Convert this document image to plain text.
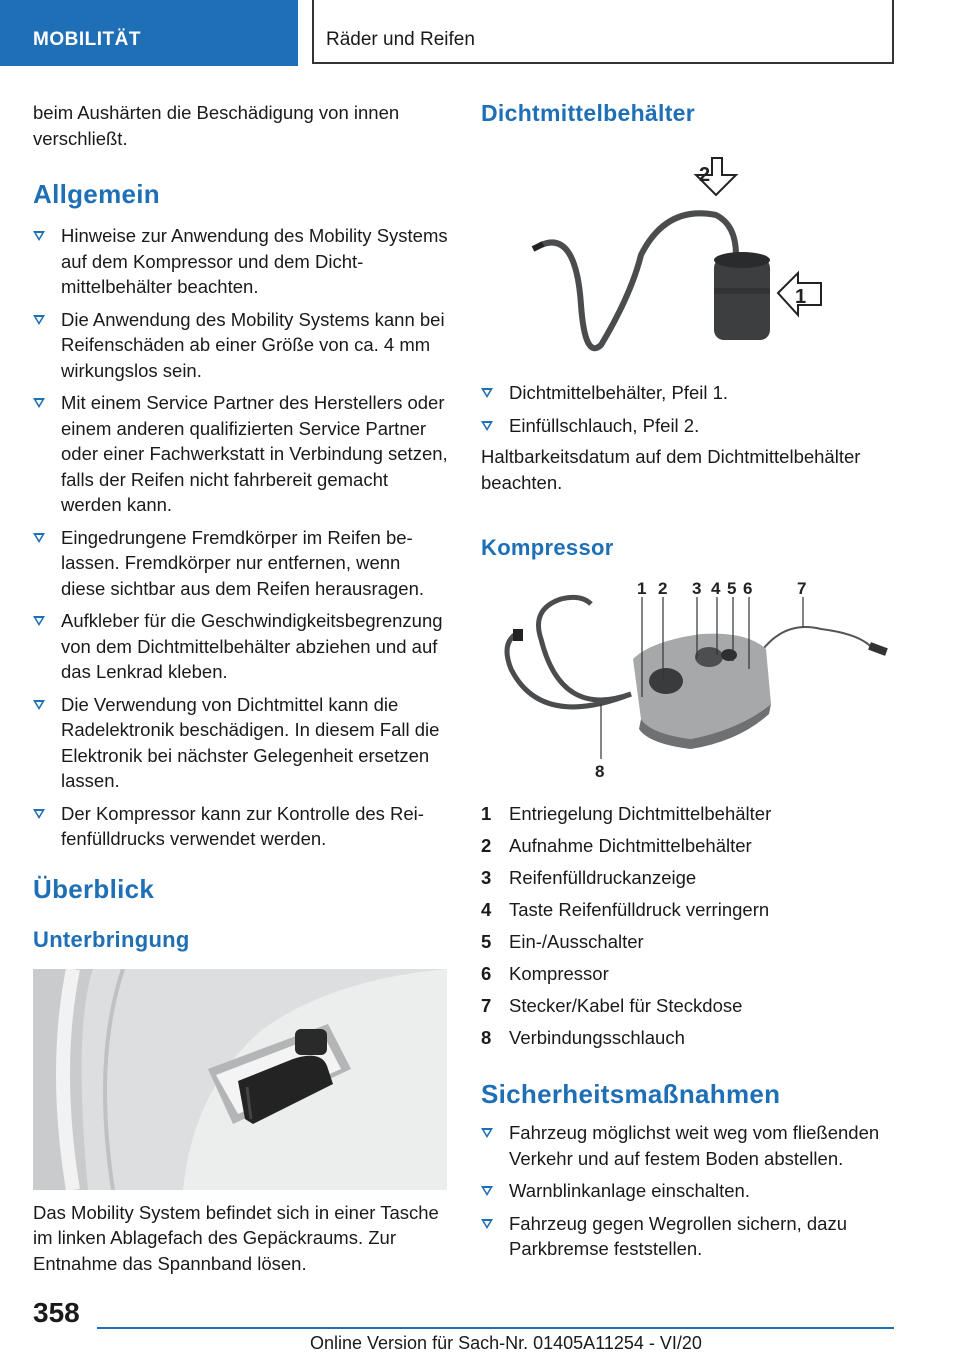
MOBILITÄT	Räder und Reifen

beim Aushärten die Beschädigung von innen verschließt.

Allgemein
Hinweise zur Anwendung des Mobility Systems auf dem Kompressor und dem Dichtmittelbehälter beachten.
Die Anwendung des Mobility Systems kann bei Reifenschäden ab einer Größe von ca. 4 mm wirkungslos sein.
Mit einem Service Partner des Herstellers oder einem anderen qualifizierten Service Partner oder einer Fachwerkstatt in Verbindung setzen, falls der Reifen nicht fahrbereit gemacht werden kann.
Eingedrungene Fremdkörper im Reifen belassen. Fremdkörper nur entfernen, wenn diese sichtbar aus dem Reifen herausragen.
Aufkleber für die Geschwindigkeitsbegrenzung von dem Dichtmittelbehälter abziehen und auf das Lenkrad kleben.
Die Verwendung von Dichtmittel kann die Radelektronik beschädigen. In diesem Fall die Elektronik bei nächster Gelegenheit ersetzen lassen.
Der Kompressor kann zur Kontrolle des Reifenfülldrucks verwendet werden.
Überblick
Unterbringung

Das Mobility System befindet sich in einer Tasche im linken Ablagefach des Gepäckraums. Zur Entnahme das Spannband lösen.

Dichtmittelbehälter
2
1
Dichtmittelbehälter, Pfeil 1.
Einfüllschlauch, Pfeil 2.

Haltbarkeitsdatum auf dem Dichtmittelbehälter beachten.

Kompressor
1 2 3 4 5 6	7
8
1 Entriegelung Dichtmittelbehälter
2 Aufnahme Dichtmittelbehälter
3 Reifenfülldruckanzeige
4 Taste Reifenfülldruck verringern
5 Ein-/Ausschalter
6 Kompressor
7 Stecker/Kabel für Steckdose
8 Verbindungsschlauch
Sicherheitsmaßnahmen
Fahrzeug möglichst weit weg vom fließenden Verkehr und auf festem Boden abstellen.
Warnblinkanlage einschalten.
Fahrzeug gegen Wegrollen sichern, dazu Parkbremse feststellen.
358
Online Version für Sach-Nr. 01405A11254 - VI/20
